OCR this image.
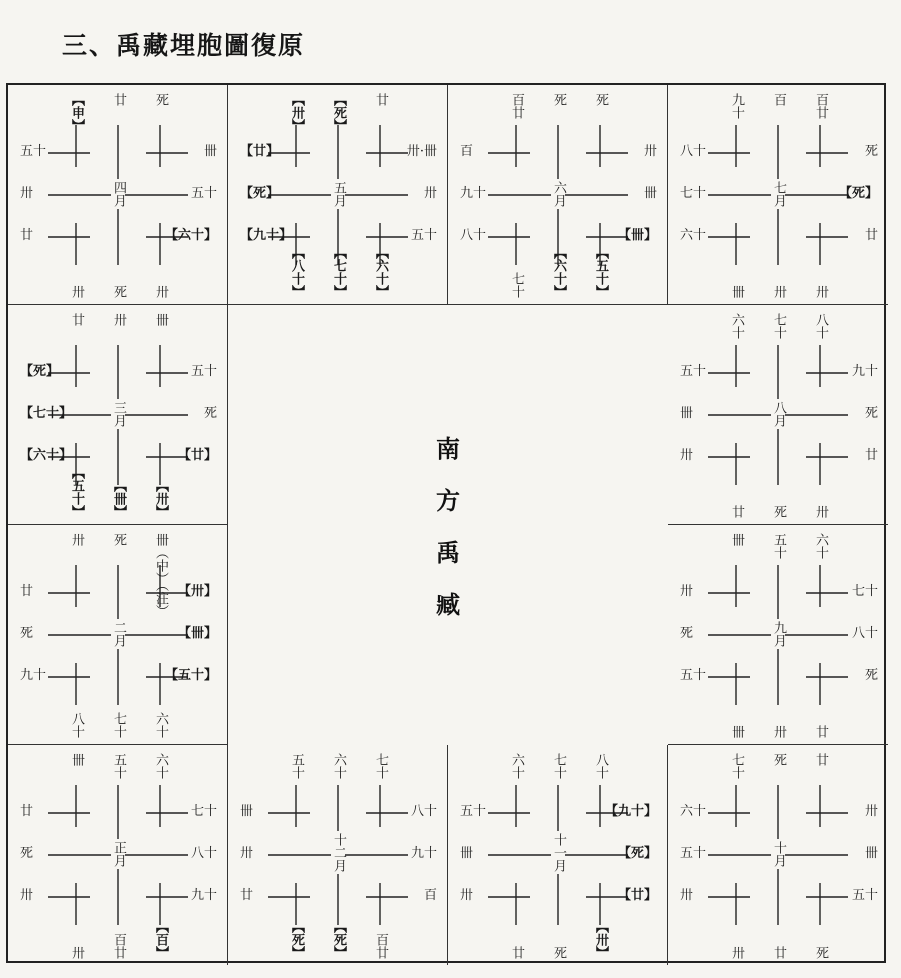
三、禹藏埋胞圖復原
南
方
禹
臧
【申】 廿 死
卅 死 卅
五十
卅
廿
卌
五十
【六十】
四月
【卅】 【死】 廿
【八十】 【七十】 【六十】
【廿】
【死】
【九十】
卅·卌
卅
五十
五月
百廿 死 死
七十 【六十】 【五十】
百
九十
八十
卅
卌
【卌】
六月
九十 百 百廿
卌 卅 卅
八十
七十
六十
死
【死】
廿
七月
廿 卅 卌
【五十】 【卌】 【卅】
【死】
【七十】
【六十】
五十
死
【廿】
三月
六十 七十 八十
廿 死 卅
五十
卌
卅
九十
死
廿
八月
卅 死 卌（中）（注）
八十 七十 六十
廿
死
九十
【卅】
【卌】
【五十】
二月
卌 五十 六十
卌 卅 廿
卅
死
五十
七十
八十
死
九月
卌 五十 六十
卅 百廿 【百】
廿
死
卅
七十
八十
九十
正月
五十 六十 七十
【死】 【死】 百廿
卌
卅
廿
八十
九十
百
十二月
六十 七十 八十
廿 死 【卅】
五十
卌
卅
【九十】
【死】
【廿】
十一月
七十 死 廿
卅 廿 死
六十
五十
卅
卅
卌
五十
十月
